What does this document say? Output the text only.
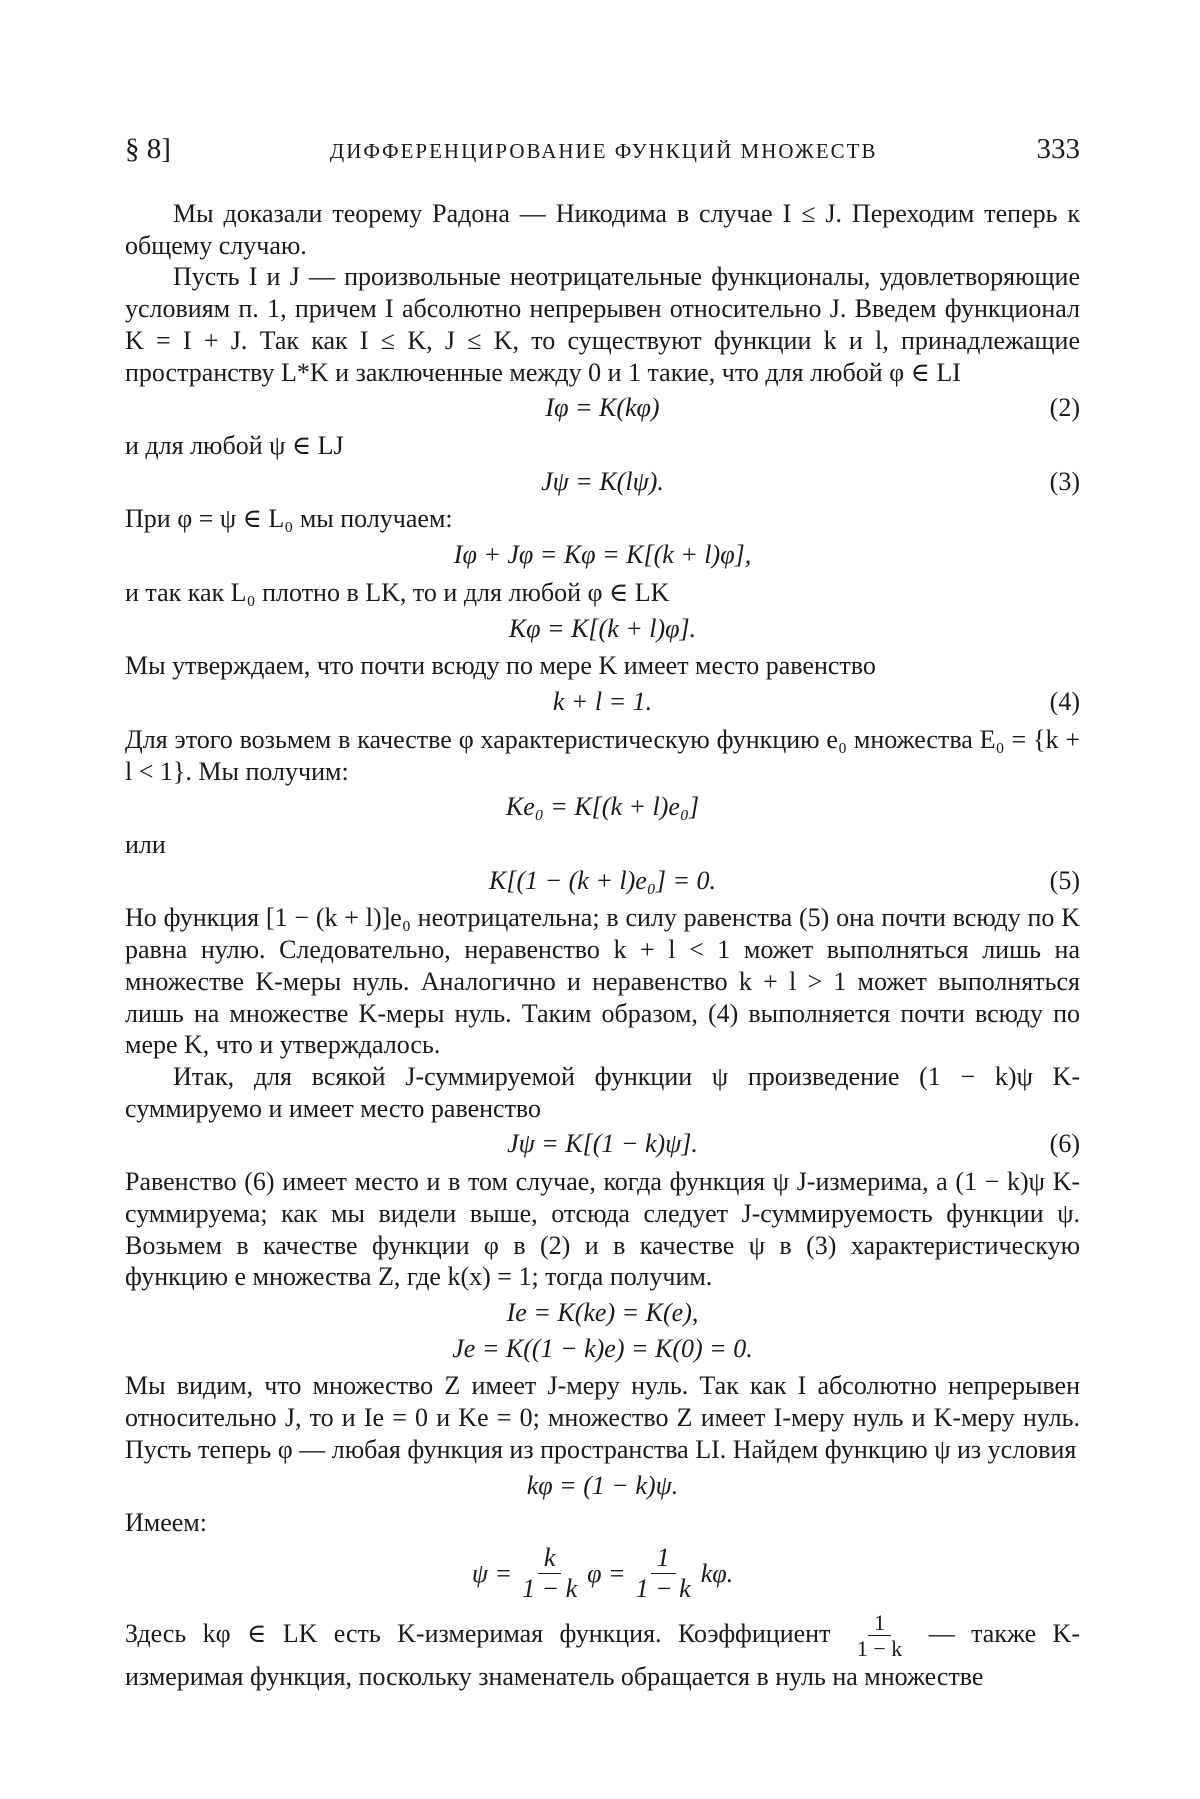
§ 8]	ДИФФЕРЕНЦИРОВАНИЕ ФУНКЦИЙ МНОЖЕСТВ	333

Мы доказали теорему Радона — Никодима в случае I ≤ J. Переходим теперь к общему случаю.

Пусть I и J — произвольные неотрицательные функционалы, удовлетворяющие условиям п. 1, причем I абсолютно непрерывен относительно J. Введем функционал K = I + J. Так как I ≤ K, J ≤ K, то существуют функции k и l, принадлежащие пространству L*K и заключенные между 0 и 1 такие, что для любой φ ∈ LI

Iφ = K(kφ)	(2)

и для любой ψ ∈ LJ

Jψ = K(lψ).	(3)

При φ = ψ ∈ L₀ мы получаем:

Iφ + Jφ = Kφ = K[(k + l)φ],

и так как L₀ плотно в LK, то и для любой φ ∈ LK

Kφ = K[(k + l)φ].

Мы утверждаем, что почти всюду по мере K имеет место равенство

k + l = 1.	(4)

Для этого возьмем в качестве φ характеристическую функцию e₀ множества E₀ = {k + l < 1}. Мы получим:

Ke₀ = K[(k + l)e₀]

или

K[(1 − (k + l)e₀] = 0.	(5)

Но функция [1 − (k + l)]e₀ неотрицательна; в силу равенства (5) она почти всюду по K равна нулю. Следовательно, неравенство k + l < 1 может выполняться лишь на множестве K-меры нуль. Аналогично и неравенство k + l > 1 может выполняться лишь на множестве K-меры нуль. Таким образом, (4) выполняется почти всюду по мере K, что и утверждалось.

Итак, для всякой J-суммируемой функции ψ произведение (1 − k)ψ K-суммируемо и имеет место равенство

Jψ = K[(1 − k)ψ].	(6)

Равенство (6) имеет место и в том случае, когда функция ψ J-измерима, а (1 − k)ψ K-суммируема; как мы видели выше, отсюда следует J-суммируемость функции ψ. Возьмем в качестве функции φ в (2) и в качестве ψ в (3) характеристическую функцию e множества Z, где k(x) = 1; тогда получим.

Ie = K(ke) = K(e),
Je = K((1 − k)e) = K(0) = 0.

Мы видим, что множество Z имеет J-меру нуль. Так как I абсолютно непрерывен относительно J, то и Ie = 0 и Ke = 0; множество Z имеет I-меру нуль и K-меру нуль. Пусть теперь φ — любая функция из пространства LI. Найдем функцию ψ из условия

kφ = (1 − k)ψ.

Имеем:

$\psi = \frac{k}{1 - k}$ $\varphi = \frac{1}{1 - k} k\varphi$.

Здесь kφ ∈ LK есть K-измеримая функция. Коэффициент $\frac{1}{1 - k}$ — также K-измеримая функция, поскольку знаменатель обращается в нуль на множестве
